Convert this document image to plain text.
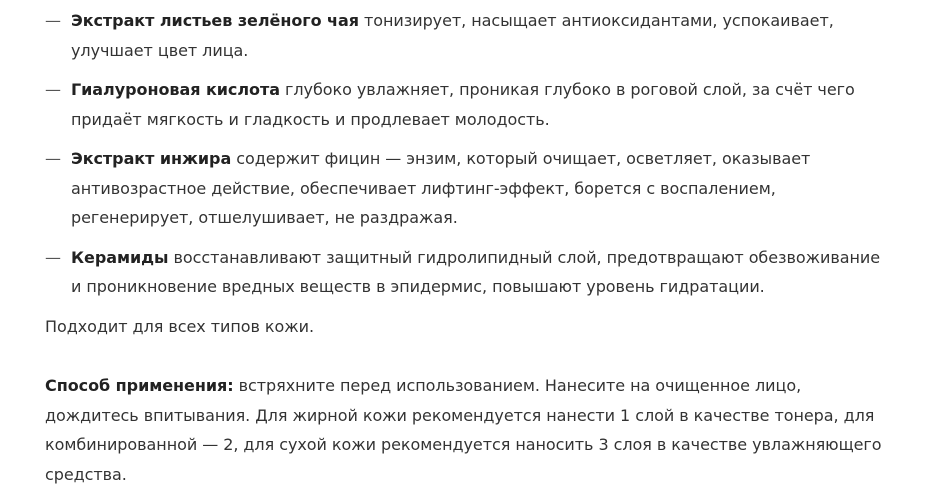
— Экстракт листьев зелёного чая тонизирует, насыщает антиоксидантами, успокаивает, улучшает цвет лица.
— Гиалуроновая кислота глубоко увлажняет, проникая глубоко в роговой слой, за счёт чего придаёт мягкость и гладкость и продлевает молодость.
— Экстракт инжира содержит фицин — энзим, который очищает, осветляет, оказывает антивозрастное действие, обеспечивает лифтинг-эффект, борется с воспалением, регенерирует, отшелушивает, не раздражая.
— Керамиды восстанавливают защитный гидролипидный слой, предотвращают обезвоживание и проникновение вредных веществ в эпидермис, повышают уровень гидратации.

Подходит для всех типов кожи.

Способ применения: встряхните перед использованием. Нанесите на очищенное лицо, дождитесь впитывания. Для жирной кожи рекомендуется нанести 1 слой в качестве тонера, для комбинированной — 2, для сухой кожи рекомендуется наносить 3 слоя в качестве увлажняющего средства.
